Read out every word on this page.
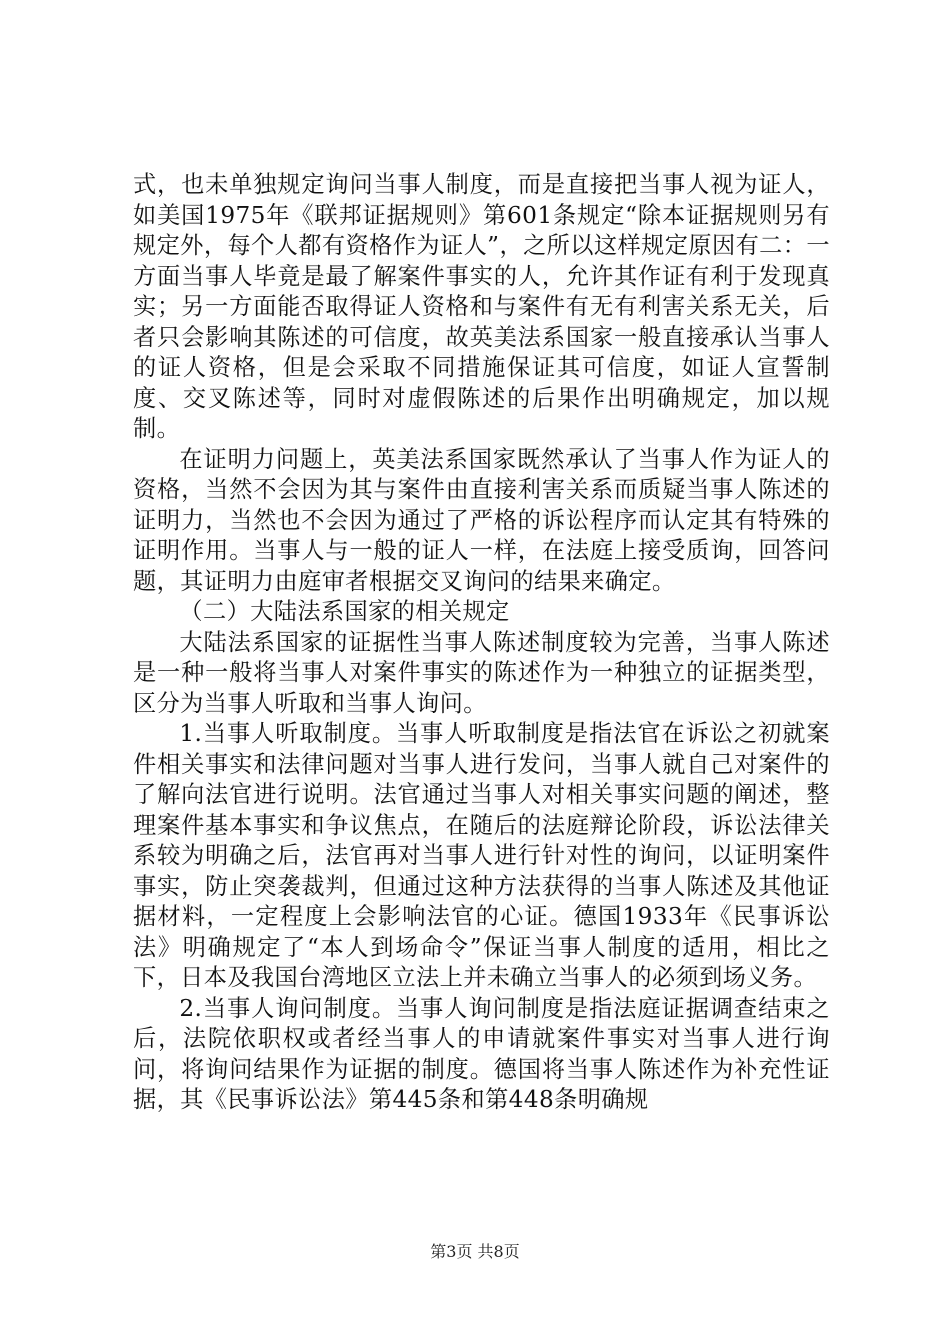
式，也未单独规定询问当事人制度，而是直接把当事人视为证人，如美国1975年《联邦证据规则》第601条规定“除本证据规则另有规定外，每个人都有资格作为证人”，之所以这样规定原因有二：一方面当事人毕竟是最了解案件事实的人，允许其作证有利于发现真实；另一方面能否取得证人资格和与案件有无有利害关系无关，后者只会影响其陈述的可信度，故英美法系国家一般直接承认当事人的证人资格，但是会采取不同措施保证其可信度，如证人宣誓制度、交叉陈述等，同时对虚假陈述的后果作出明确规定，加以规制。

在证明力问题上，英美法系国家既然承认了当事人作为证人的资格，当然不会因为其与案件由直接利害关系而质疑当事人陈述的证明力，当然也不会因为通过了严格的诉讼程序而认定其有特殊的证明作用。当事人与一般的证人一样，在法庭上接受质询，回答问题，其证明力由庭审者根据交叉询问的结果来确定。

（二）大陆法系国家的相关规定

大陆法系国家的证据性当事人陈述制度较为完善，当事人陈述是一种一般将当事人对案件事实的陈述作为一种独立的证据类型，区分为当事人听取和当事人询问。

1.当事人听取制度。当事人听取制度是指法官在诉讼之初就案件相关事实和法律问题对当事人进行发问，当事人就自己对案件的了解向法官进行说明。法官通过当事人对相关事实问题的阐述，整理案件基本事实和争议焦点，在随后的法庭辩论阶段，诉讼法律关系较为明确之后，法官再对当事人进行针对性的询问，以证明案件事实，防止突袭裁判，但通过这种方法获得的当事人陈述及其他证据材料，一定程度上会影响法官的心证。德国1933年《民事诉讼法》明确规定了“本人到场命令”保证当事人制度的适用，相比之下，日本及我国台湾地区立法上并未确立当事人的必须到场义务。

2.当事人询问制度。当事人询问制度是指法庭证据调查结束之后，法院依职权或者经当事人的申请就案件事实对当事人进行询问，将询问结果作为证据的制度。德国将当事人陈述作为补充性证据，其《民事诉讼法》第445条和第448条明确规

第3页 共8页
